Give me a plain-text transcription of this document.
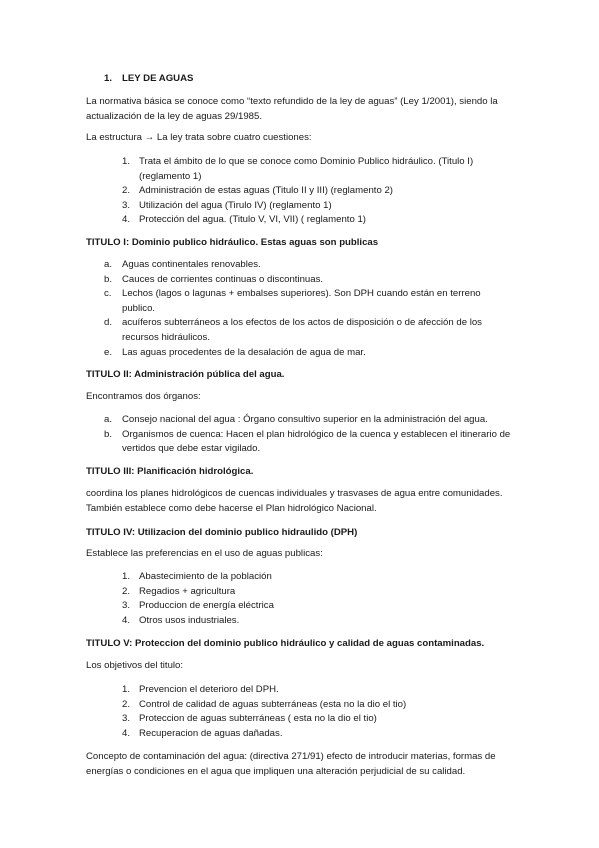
1. LEY DE AGUAS

La normativa básica se conoce como “texto refundido de la ley de aguas” (Ley 1/2001), siendo la actualización de la ley de aguas 29/1985.

La estructura → La ley trata sobre cuatro cuestiones:

1. Trata el ámbito de lo que se conoce como Dominio Publico hidráulico. (Titulo I) (reglamento 1)
2. Administración de estas aguas (Titulo II y III) (reglamento 2)
3. Utilización del agua (Tirulo IV) (reglamento 1)
4. Protección del agua. (Titulo V, VI, VII) ( reglamento 1)

TITULO I: Dominio publico hidráulico. Estas aguas son publicas

a. Aguas continentales renovables.
b. Cauces de corrientes continuas o discontinuas.
c. Lechos (lagos o lagunas + embalses superiores). Son DPH cuando están en terreno publico.
d. acuíferos subterráneos a los efectos de los actos de disposición o de afección de los recursos hidráulicos.
e. Las aguas procedentes de la desalación de agua de mar.

TITULO II: Administración pública del agua.

Encontramos dos órganos:

a. Consejo nacional del agua : Órgano consultivo superior en la administración del agua.
b. Organismos de cuenca: Hacen el plan hidrológico de la cuenca y establecen el itinerario de vertidos que debe estar vigilado.

TITULO III: Planificación hidrológica.

coordina los planes hidrológicos de cuencas individuales y trasvases de agua entre comunidades. También establece como debe hacerse el Plan hidrológico Nacional.

TITULO IV: Utilizacion del dominio publico hidraulido (DPH)

Establece las preferencias en el uso de aguas publicas:

1. Abastecimiento de la población
2. Regadios + agricultura
3. Produccion de energía eléctrica
4. Otros usos industriales.

TITULO V: Proteccion del dominio publico hidráulico y calidad de aguas contaminadas.

Los objetivos del titulo:

1. Prevencion el deterioro del DPH.
2. Control de calidad de aguas subterráneas (esta no la dio el tio)
3. Proteccion de aguas subterráneas ( esta no la dio el tio)
4. Recuperacion de aguas dañadas.

Concepto de contaminación del agua: (directiva 271/91) efecto de introducir materias, formas de energías o condiciones en el agua que impliquen una alteración perjudicial de su calidad.
